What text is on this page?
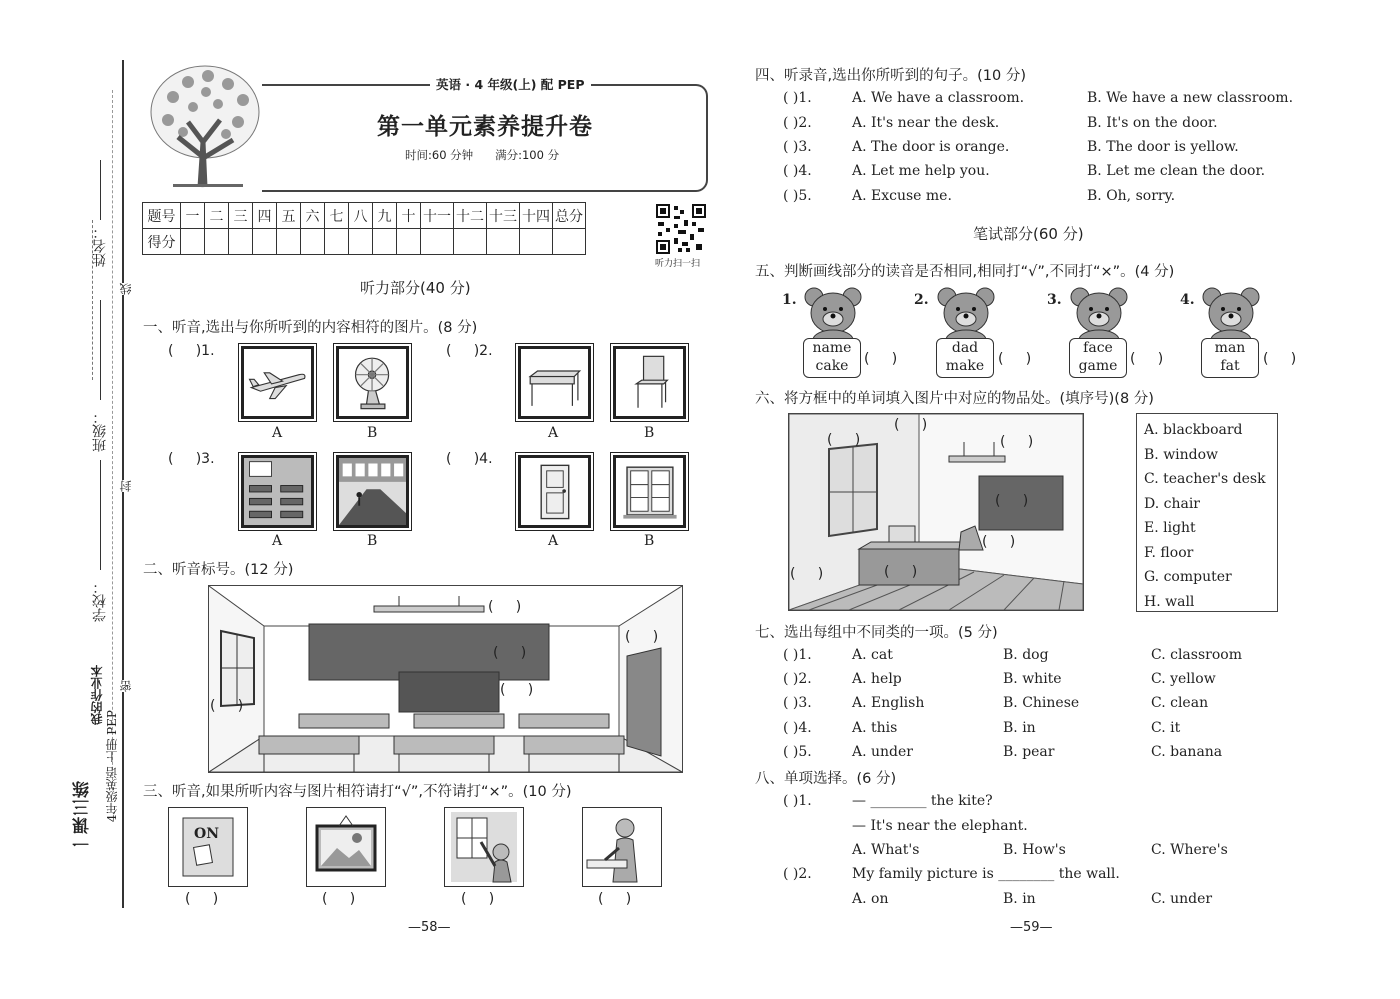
姓名：
班级：
学校：
线
封
密
一课三练
我的作业本
4年级英语 上册 PEP
英语 · 4 年级(上) 配 PEP
第一单元素养提升卷
时间:60 分钟      满分:100 分
题号	一	二	三	四	五	六	七	八	九	十	十一	十二	十三	十四	总分
得分															
听力扫一扫
听力部分(40 分)
一、听音,选出与你所听到的内容相符的图片。(8 分)
(     )1.
A	B
(     )2.
A	B
(     )3.
A	B
(     )4.
A	B
二、听音标号。(12 分)
(     )
(     )
(     )
(     )
(     )
三、听音,如果所听内容与图片相符请打“√”,不符请打“×”。(10 分)
ON
(     )	(     )	(     )	(     )
—58—
四、听录音,选出你所听到的句子。(10 分)
( )1.	A. We have a classroom.	B. We have a new classroom.
( )2.	A. It's near the desk.	B. It's on the door.
( )3.	A. The door is orange.	B. The door is yellow.
( )4.	A. Let me help you.	B. Let me clean the door.
( )5.	A. Excuse me.	B. Oh, sorry.
笔试部分(60 分)
五、判断画线部分的读音是否相同,相同打“√”,不同打“×”。(4 分)
1.
name
cake	(     )
2.
dad
make (     )
3.
face
game (     )
4.
man
fat	(     )
六、将方框中的单词填入图片中对应的物品处。(填序号)(8 分)
(     )
(     )	(     )
(     )
(     )
(     )
(     )
A. blackboard
B. window
C. teacher's desk
D. chair
E. light
F. floor
G. computer
H. wall
七、选出每组中不同类的一项。(5 分)
( )1.	A. cat	B. dog	C. classroom
( )2.	A. help	B. white	C. yellow
( )3.	A. English	B. Chinese	C. clean
( )4.	A. this	B. in	C. it
( )5.	A. under	B. pear	C. banana
八、单项选择。(6 分)
( )1.	— ________ the kite?
— It's near the elephant.
A. What's	B. How's	C. Where's
( )2.	My family picture is ________ the wall.
A. on	B. in	C. under
—59—
